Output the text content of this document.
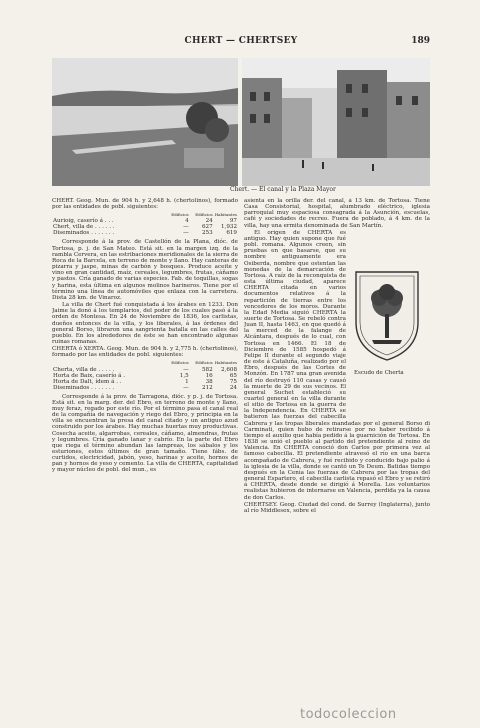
CHERT — CHERTSEY	189
Chert. — El canal y la Plaza Mayor

CHERT. Geog. Mun. de 904 h. y 2,648 h. (chertolinos), formado por las entidades de pobl. siguientes:

	Edificios	Edificios	Habitantes
Aurioig, caserío á . . .	4	24	97
Chert, villa de . . . . . .	—	627	1,932
Diseminados . . . . . . .	—	253	619

Corresponde á la prov. de Castellón de la Plana, dióc. de Tortosa, p. j. de San Mateo. Está sit. en la margen izq. de la rambla Cervera, en las estribaciones meridionales de la sierra de Roca de la Barcela, en terreno de monte y llano. Hay canteras de pizarra y jaspe, minas de carbón y bosques. Produce aceite y vino en gran cantidad, maíz, cereales, legumbres, frutas, cáñamo y pastos. Cría ganado de varias especies. Fab. de toquillas, sogas y harina, esta última en algunos molinos harineros. Tiene por el término una línea de automóviles que enlaza con la carretera. Dista 28 km. de Vinaroz.

La villa de Chert fué conquistada á los árabes en 1233. Don Jaime la donó á los templarios, del poder de los cuales pasó á la orden de Montesa. En 24 de Noviembre de 1836, los carlistas, dueños entonces de la villa, y los liberales, á las órdenes del general Borso, libraron una sangrienta batalla en las calles del pueblo. En los alrededores de éste se han encontrado algunas ruinas romanas.

CHERTA ó XERTA. Geog. Mun. de 904 h. y 2,775 h. (chertolinos), formado por las entidades de pobl. siguientes:

	Edificios	Edificios	Habitantes
Cherta, villa de . . . . .	—	582	2,608
Horta de Baix, caserío á .	1,5	16	65
Horta de Dalt, ídem á . .	1	38	75
Diseminados . . . . . . .	—	212	24

Corresponde á la prov. de Tarragona, dióc. y p. j. de Tortosa. Está sit. en la marg. der. del Ebro, en terreno de monte y llano, muy feraz, regado por este río. Por el término pasa el canal real de la compañía de navegación y riego del Ebro, y principia en la villa se encuentran la presa del canal citado y un antiguo azud construido por los árabes. Hay muchas huertas muy productivas. Cosecha aceite, algarrobas, cereales, cáñamo, almendras, frutas y legumbres. Cría ganado lanar y cabrío. En la parte del Ebro que riega el término abundan las lampreas, los sábalos y los esturiones, estos últimos de gran tamaño. Tiene fábs. de curtidos, electricidad, jabón, yeso, harinas y aceite, hornos de pan y hornos de yeso y cemento. La villa de CHERTA, capitalidad y mayor núcleo de pobl. del mun., es

asienta en la orilla der. del canal, á 13 km. de Tortosa. Tiene Casa Consistorial, hospital, alumbrado eléctrico, iglesia parroquial muy espaciosa consagrada á la Asunción, escuelas, café y sociedades de recreo. Fuera de poblado, á 4 km. de la villa, hay una ermita denominada de San Martín.

El origen de CHERTA es antiguo. Hay quien supone que fué pobl. romana. Algunos creen, sin pruebas en que basarse, que su nombre antiguamente era Osiberda, nombre que ostentan las monedas de la demarcación de Tortosa. A raíz de la reconquista de esta última ciudad, aparece CHERTA citada en varios documentos relativos á la repartición de tierras entre los vencedores de los moros. Durante la Edad Media siguió CHERTA la suerte de Tortosa. Se rebeló contra Juan II, hasta 1463, en que quedó á la merced de la falange de Alcántara, después de lo cual, con Tortosa en 1466. El 18 de Diciembre de 1585 hospedó á Felipe II durante el segundo viaje de este á Cataluña, realizado por el Ebro, después de las Cortes de Monzón. En 1787 una gran avenida del río destruyó 110 casas y causó la muerte de 29 de sus vecinos. El general Suchet estableció su cuartel general en la villa durante el sitio de Tortosa en la guerra de la Independencia. En CHERTA se batieron las fuerzas del cabecilla Cabrera y las tropas liberales mandadas por el general Borso di Carminati, quien hubo de retirarse por no haber recibido á tiempo el auxilio que había pedido á la guarnición de Tortosa. En 1838 se unió el pueblo al partido del pretendiente al reino de Valencia. En CHERTA conoció don Carlos por primera vez al famoso cabecilla. El pretendiente atravesó el río en una barca acompañado de Cabrera, y fué recibido y conducido bajo palio á la iglesia de la villa, donde se cantó un Te Deum. Batidas tiempo después en la Cenia las fuerzas de Cabrera por las tropas del general Espartero, el cabecilla carlista repasó el Ebro y se retiró á CHERTA, desde donde se dirigió á Morella. Los voluntarios realistas hubieron de internarse en Valencia, perdida ya la causa de don Carlos.

CHERTSEY. Geog. Ciudad del cond. de Surrey (Inglaterra), junto al río Middlesex, sobre el

Escudo de Cherta
todocoleccion
